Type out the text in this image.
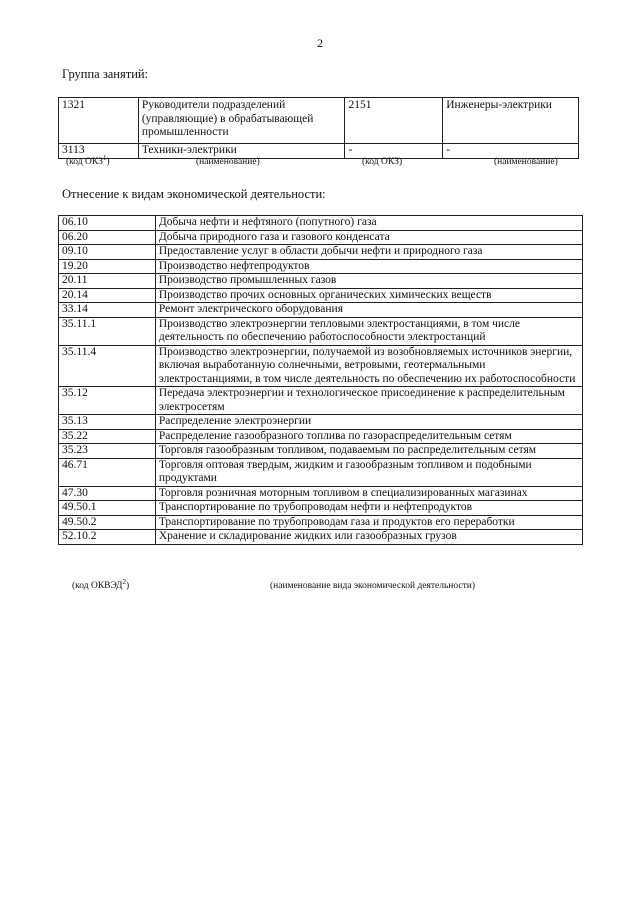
2
Группа занятий:
1321	Руководители подразделений (управляющие) в обрабатывающей промышленности	2151	Инженеры-электрики
3113	Техники-электрики	-	-
(код ОКЗ$^1$)	(наименование)	(код ОКЗ)	(наименование)
Отнесение к видам экономической деятельности:
06.10	Добыча нефти и нефтяного (попутного) газа
06.20	Добыча природного газа и газового конденсата
09.10	Предоставление услуг в области добычи нефти и природного газа
19.20	Производство нефтепродуктов
20.11	Производство промышленных газов
20.14	Производство прочих основных органических химических веществ
33.14	Ремонт электрического оборудования
35.11.1	Производство электроэнергии тепловыми электростанциями, в том числе деятельность по обеспечению работоспособности электростанций
35.11.4	Производство электроэнергии, получаемой из возобновляемых источников энергии, включая выработанную солнечными, ветровыми, геотермальными электростанциями, в том числе деятельность по обеспечению их работоспособности
35.12	Передача электроэнергии и технологическое присоединение к распределительным электросетям
35.13	Распределение электроэнергии
35.22	Распределение газообразного топлива по газораспределительным сетям
35.23	Торговля газообразным топливом, подаваемым по распределительным сетям
46.71	Торговля оптовая твердым, жидким и газообразным топливом и подобными продуктами
47.30	Торговля розничная моторным топливом в специализированных магазинах
49.50.1	Транспортирование по трубопроводам нефти и нефтепродуктов
49.50.2	Транспортирование по трубопроводам газа и продуктов его переработки
52.10.2	Хранение и складирование жидких или газообразных грузов
(код ОКВЭД$^2$)	(наименование вида экономической деятельности)
